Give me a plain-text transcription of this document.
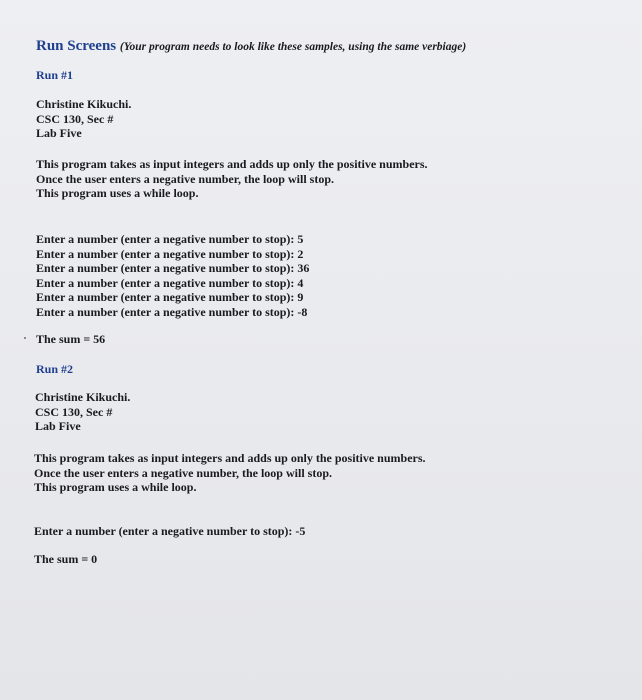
Run Screens (Your program needs to look like these samples, using the same verbiage)
Run #1
Christine Kikuchi.
CSC 130, Sec #
Lab Five
This program takes as input integers and adds up only the positive numbers.
Once the user enters a negative number, the loop will stop.
This program uses a while loop.
Enter a number (enter a negative number to stop): 5
Enter a number (enter a negative number to stop): 2
Enter a number (enter a negative number to stop): 36
Enter a number (enter a negative number to stop): 4
Enter a number (enter a negative number to stop): 9
Enter a number (enter a negative number to stop): -8
The sum = 56
Run #2
Christine Kikuchi.
CSC 130, Sec #
Lab Five
This program takes as input integers and adds up only the positive numbers.
Once the user enters a negative number, the loop will stop.
This program uses a while loop.
Enter a number (enter a negative number to stop): -5
The sum = 0
